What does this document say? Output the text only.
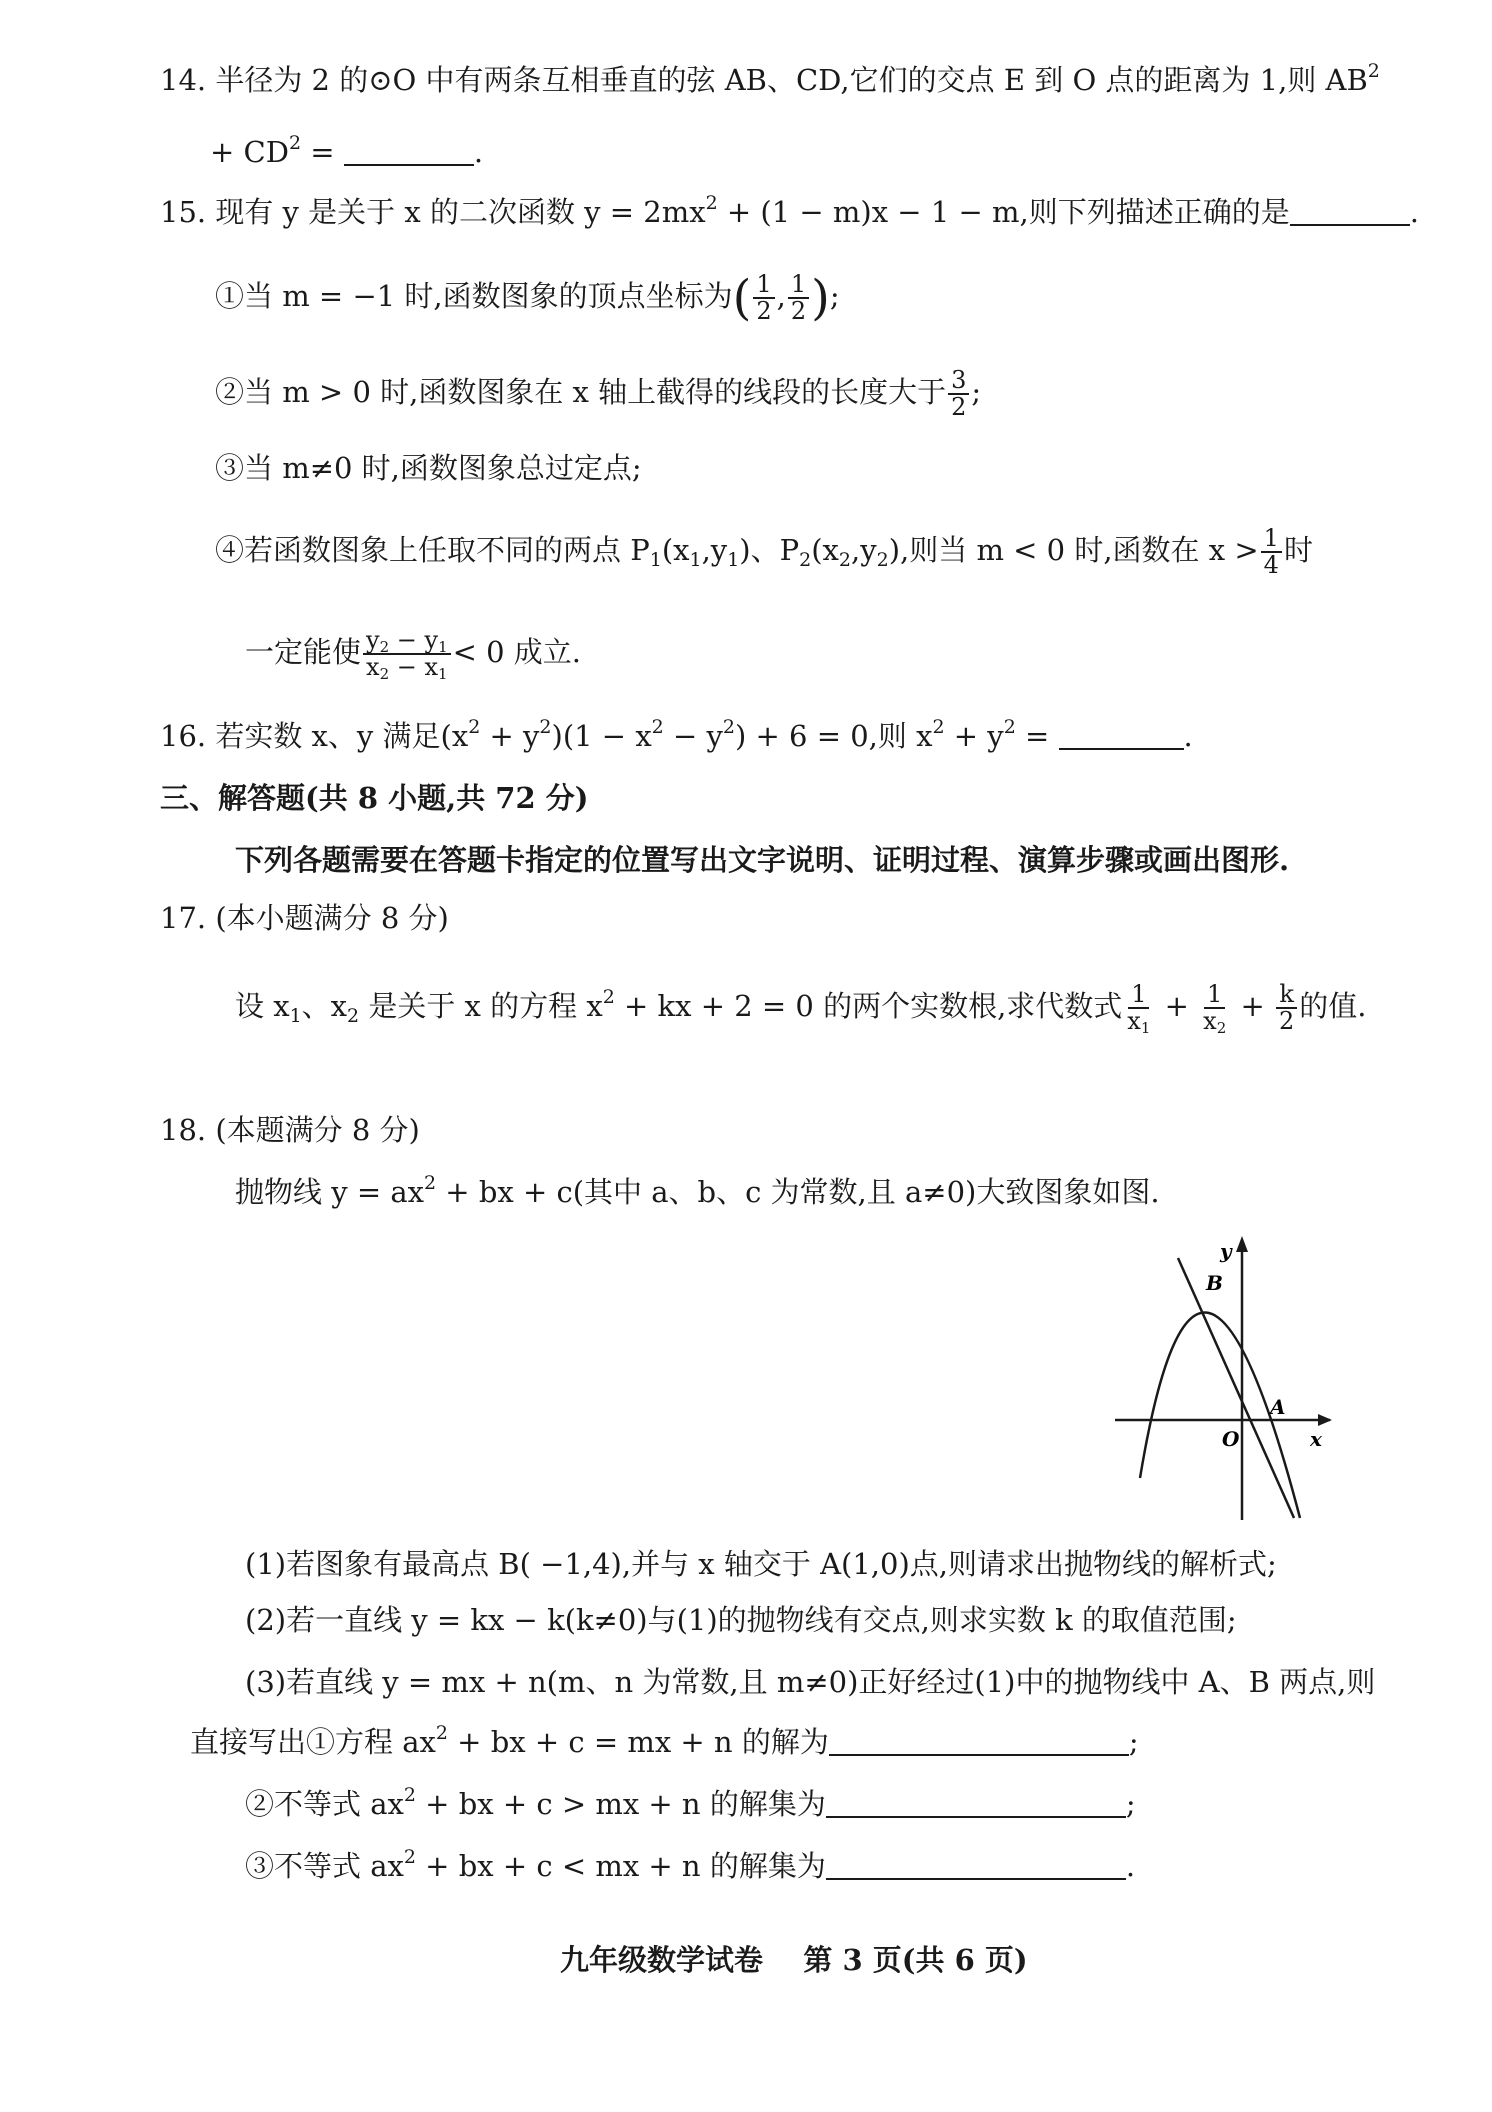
14. 半径为 2 的⊙O 中有两条互相垂直的弦 AB、CD,它们的交点 E 到 O 点的距离为 1,则 $AB^2$
+ $CD^2$ =	.
15. 现有 y 是关于 x 的二次函数 $y = 2mx^2 + (1 - m)x - 1 - m$,则下列描述正确的是	.
①当 m = −1 时,函数图象的顶点坐标为( $\frac{1}{2}$ , $\frac{1}{2}$ );
②当 m > 0 时,函数图象在 x 轴上截得的线段的长度大于 $\frac{3}{2}$ ;
③当 m≠0 时,函数图象总过定点;
④若函数图象上任取不同的两点 $P_1(x_1,y_1)$、$P_2(x_2,y_2)$,则当 m < 0 时,函数在 $x > \frac{1}{4}$ 时
一定能使 $\frac{y_2 - y_1}{x_2 - x_1} < 0$ 成立.
16. 若实数 x、y 满足$(x^2 + y^2)(1 - x^2 - y^2) + 6 = 0$,则 $x^2 + y^2$ =	.
三、解答题(共 8 小题,共 72 分)
下列各题需要在答题卡指定的位置写出文字说明、证明过程、演算步骤或画出图形.
17. (本小题满分 8 分)
设 $x_1$、$x_2$ 是关于 x 的方程 $x^2$ + kx + 2 = 0 的两个实数根,求代数式 $\frac{1}{x_1} + \frac{1}{x_2} + \frac{k}{2}$ 的值.
18. (本题满分 8 分)
抛物线 $y = ax^2$ + bx + c(其中 a、b、c 为常数,且 a≠0)大致图象如图.
y
B
A
O	x
(1)若图象有最高点 B( −1,4),并与 x 轴交于 A(1,0)点,则请求出抛物线的解析式;
(2)若一直线 y = kx − k(k≠0)与(1)的抛物线有交点,则求实数 k 的取值范围;
(3)若直线 y = mx + n(m、n 为常数,且 m≠0)正好经过(1)中的抛物线中 A、B 两点,则
直接写出①方程 $ax^2$ + bx + c = mx + n 的解为	;
②不等式 $ax^2$ + bx + c > mx + n 的解集为	;
③不等式 $ax^2$ + bx + c < mx + n 的解集为	.
九年级数学试卷    第 3 页(共 6 页)
